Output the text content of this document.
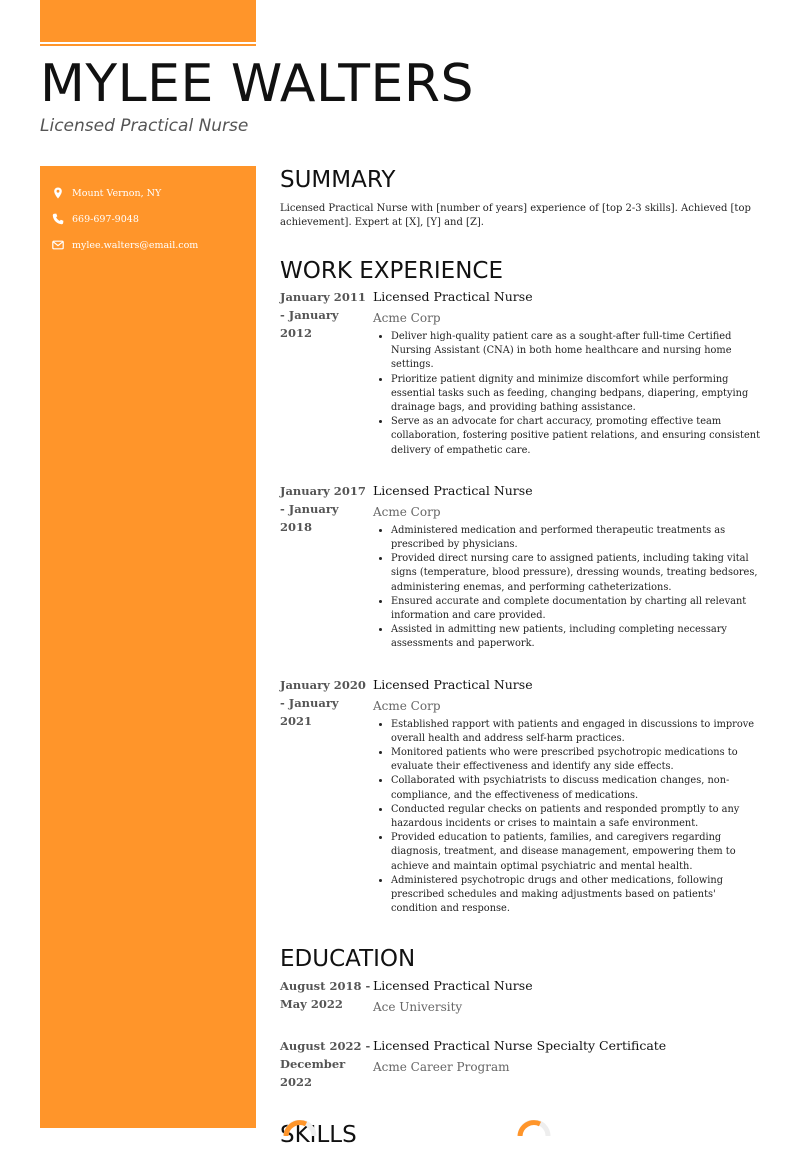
MYLEE WALTERS
Licensed Practical Nurse
Mount Vernon, NY
669-697-9048
mylee.walters@email.com
SUMMARY

Licensed Practical Nurse with [number of years] experience of [top 2-3 skills]. Achieved [top achievement]. Expert at [X], [Y] and [Z].

WORK EXPERIENCE
January 2011 - January 2012
Licensed Practical Nurse
Acme Corp
• Deliver high-quality patient care as a sought-after full-time Certified Nursing Assistant (CNA) in both home healthcare and nursing home settings.
• Prioritize patient dignity and minimize discomfort while performing essential tasks such as feeding, changing bedpans, diapering, emptying drainage bags, and providing bathing assistance.
• Serve as an advocate for chart accuracy, promoting effective team collaboration, fostering positive patient relations, and ensuring consistent delivery of empathetic care.
January 2017 - January 2018
Licensed Practical Nurse
Acme Corp
• Administered medication and performed therapeutic treatments as prescribed by physicians.
• Provided direct nursing care to assigned patients, including taking vital signs (temperature, blood pressure), dressing wounds, treating bedsores, administering enemas, and performing catheterizations.
• Ensured accurate and complete documentation by charting all relevant information and care provided.
• Assisted in admitting new patients, including completing necessary assessments and paperwork.
January 2020 - January 2021
Licensed Practical Nurse
Acme Corp
• Established rapport with patients and engaged in discussions to improve overall health and address self-harm practices.
• Monitored patients who were prescribed psychotropic medications to evaluate their effectiveness and identify any side effects.
• Collaborated with psychiatrists to discuss medication changes, non-compliance, and the effectiveness of medications.
• Conducted regular checks on patients and responded promptly to any hazardous incidents or crises to maintain a safe environment.
• Provided education to patients, families, and caregivers regarding diagnosis, treatment, and disease management, empowering them to achieve and maintain optimal psychiatric and mental health.
• Administered psychotropic drugs and other medications, following prescribed schedules and making adjustments based on patients' condition and response.
EDUCATION
August 2018 - May 2022
Licensed Practical Nurse
Ace University
August 2022 - December 2022
Licensed Practical Nurse Specialty Certificate
Acme Career Program
SKILLS
